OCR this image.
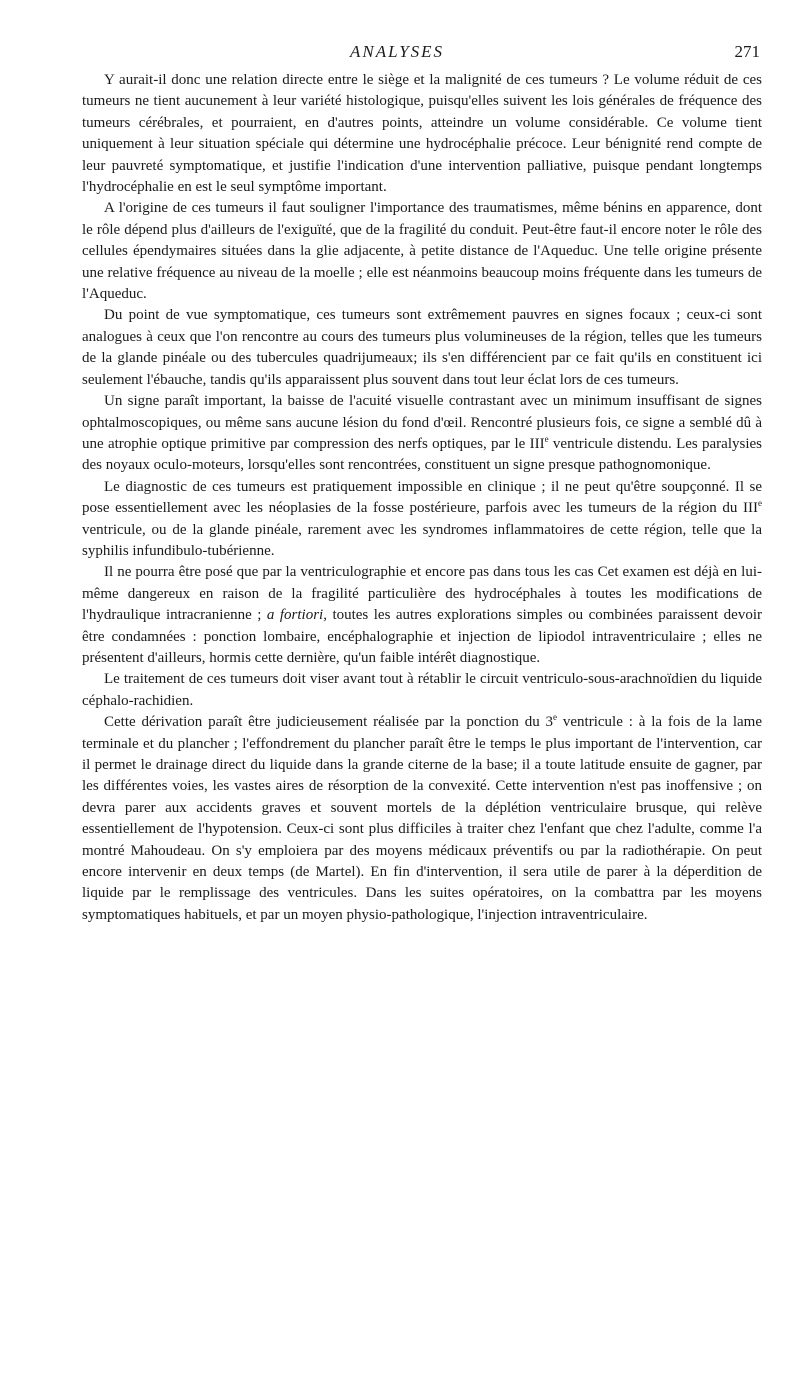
ANALYSES	271

Y aurait-il donc une relation directe entre le siège et la malignité de ces tumeurs ? Le volume réduit de ces tumeurs ne tient aucunement à leur variété histologique, puisqu'elles suivent les lois générales de fréquence des tumeurs cérébrales, et pourraient, en d'autres points, atteindre un volume considérable. Ce volume tient uniquement à leur situation spéciale qui détermine une hydrocéphalie précoce. Leur bénignité rend compte de leur pauvreté symptomatique, et justifie l'indication d'une intervention palliative, puisque pendant longtemps l'hydrocéphalie en est le seul symptôme important.

A l'origine de ces tumeurs il faut souligner l'importance des traumatismes, même bénins en apparence, dont le rôle dépend plus d'ailleurs de l'exiguïté, que de la fragilité du conduit. Peut-être faut-il encore noter le rôle des cellules épendymaires situées dans la glie adjacente, à petite distance de l'Aqueduc. Une telle origine présente une relative fréquence au niveau de la moelle ; elle est néanmoins beaucoup moins fréquente dans les tumeurs de l'Aqueduc.

Du point de vue symptomatique, ces tumeurs sont extrêmement pauvres en signes focaux ; ceux-ci sont analogues à ceux que l'on rencontre au cours des tumeurs plus volumineuses de la région, telles que les tumeurs de la glande pinéale ou des tubercules quadrijumeaux; ils s'en différencient par ce fait qu'ils en constituent ici seulement l'ébauche, tandis qu'ils apparaissent plus souvent dans tout leur éclat lors de ces tumeurs.

Un signe paraît important, la baisse de l'acuité visuelle contrastant avec un minimum insuffisant de signes ophtalmoscopiques, ou même sans aucune lésion du fond d'œil. Rencontré plusieurs fois, ce signe a semblé dû à une atrophie optique primitive par compression des nerfs optiques, par le IIIe ventricule distendu. Les paralysies des noyaux oculo-moteurs, lorsqu'elles sont rencontrées, constituent un signe presque pathognomonique.

Le diagnostic de ces tumeurs est pratiquement impossible en clinique ; il ne peut qu'être soupçonné. Il se pose essentiellement avec les néoplasies de la fosse postérieure, parfois avec les tumeurs de la région du IIIe ventricule, ou de la glande pinéale, rarement avec les syndromes inflammatoires de cette région, telle que la syphilis infundibulo-tubérienne.

Il ne pourra être posé que par la ventriculographie et encore pas dans tous les cas Cet examen est déjà en lui-même dangereux en raison de la fragilité particulière des hydrocéphales à toutes les modifications de l'hydraulique intracranienne ; a fortiori, toutes les autres explorations simples ou combinées paraissent devoir être condamnées : ponction lombaire, encéphalographie et injection de lipiodol intraventriculaire ; elles ne présentent d'ailleurs, hormis cette dernière, qu'un faible intérêt diagnostique.

Le traitement de ces tumeurs doit viser avant tout à rétablir le circuit ventriculo-sous-arachnoïdien du liquide céphalo-rachidien.

Cette dérivation paraît être judicieusement réalisée par la ponction du 3e ventricule : à la fois de la lame terminale et du plancher ; l'effondrement du plancher paraît être le temps le plus important de l'intervention, car il permet le drainage direct du liquide dans la grande citerne de la base; il a toute latitude ensuite de gagner, par les différentes voies, les vastes aires de résorption de la convexité. Cette intervention n'est pas inoffensive ; on devra parer aux accidents graves et souvent mortels de la déplétion ventriculaire brusque, qui relève essentiellement de l'hypotension. Ceux-ci sont plus difficiles à traiter chez l'enfant que chez l'adulte, comme l'a montré Mahoudeau. On s'y emploiera par des moyens médicaux préventifs ou par la radiothérapie. On peut encore intervenir en deux temps (de Martel). En fin d'intervention, il sera utile de parer à la déperdition de liquide par le remplissage des ventricules. Dans les suites opératoires, on la combattra par les moyens symptomatiques habituels, et par un moyen physio-pathologique, l'injection intraventriculaire.
